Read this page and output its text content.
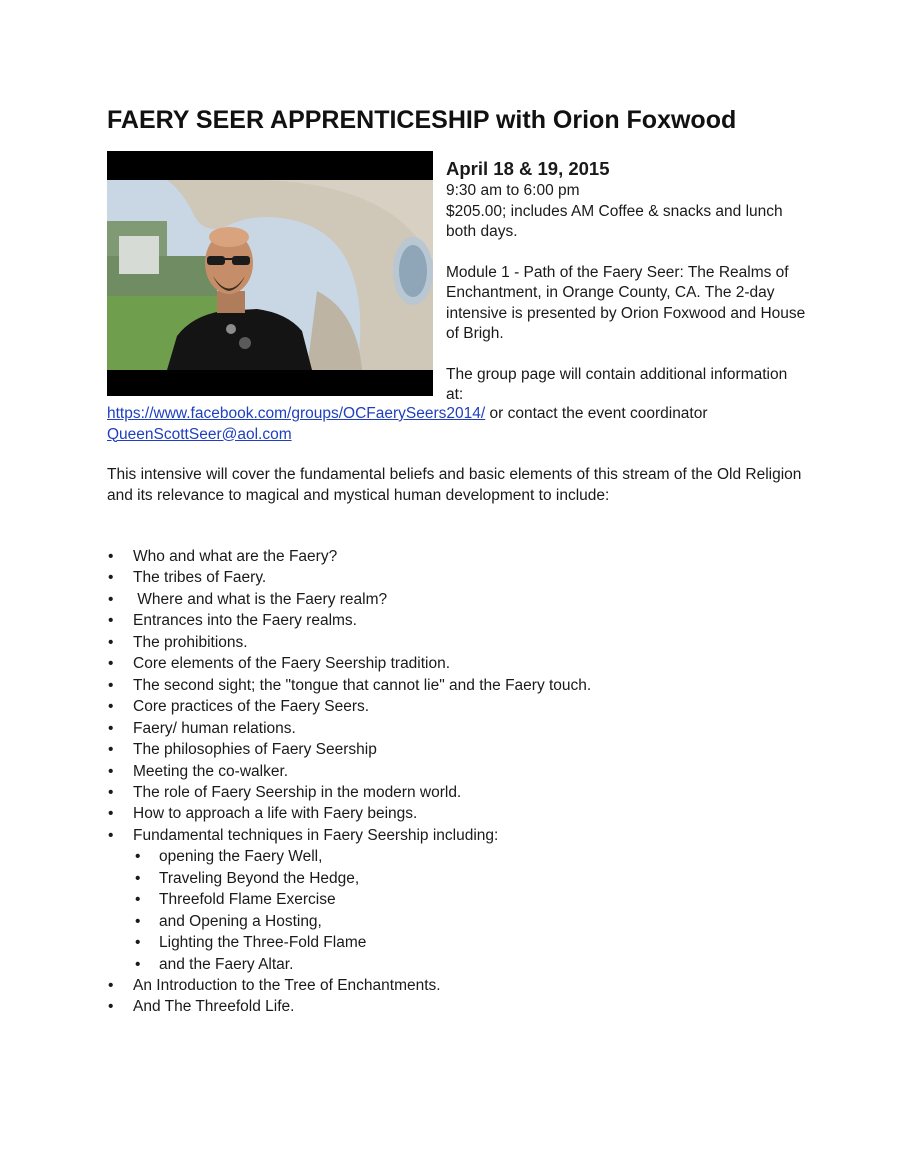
FAERY SEER APPRENTICESHIP with Orion Foxwood

April 18 & 19, 2015

9:30 am to 6:00 pm

$205.00; includes AM Coffee & snacks and lunch both days.

Module 1 - Path of the Faery Seer: The Realms of Enchantment, in Orange County, CA. The 2-day intensive is presented by Orion Foxwood and House of Brigh.

The group page will contain additional information at:

https://www.facebook.com/groups/OCFaerySeers2014/ or contact the event coordinator
QueenScottSeer@aol.com

This intensive will cover the fundamental beliefs and basic elements of this stream of the Old Religion and its relevance to magical and mystical human development to include:

• Who and what are the Faery?
• The tribes of Faery.
• Where and what is the Faery realm?
• Entrances into the Faery realms.
• The prohibitions.
• Core elements of the Faery Seership tradition.
• The second sight; the "tongue that cannot lie" and the Faery touch.
• Core practices of the Faery Seers.
• Faery/ human relations.
• The philosophies of Faery Seership
• Meeting the co-walker.
• The role of Faery Seership in the modern world.
• How to approach a life with Faery beings.
• Fundamental techniques in Faery Seership including:
• opening the Faery Well,
• Traveling Beyond the Hedge,
• Threefold Flame Exercise
• and Opening a Hosting,
• Lighting the Three-Fold Flame
• and the Faery Altar.
• An Introduction to the Tree of Enchantments.
• And The Threefold Life.
